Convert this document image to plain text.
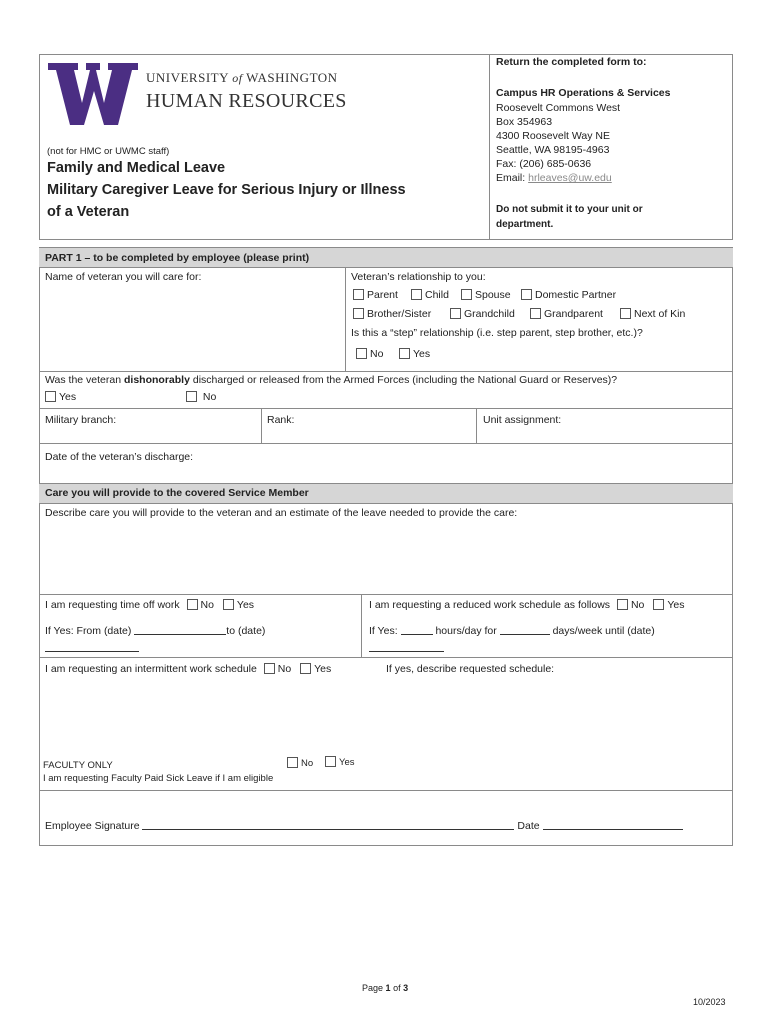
UNIVERSITY of WASHINGTON
HUMAN RESOURCES
(not for HMC or UWMC staff)
Family and Medical Leave
Military Caregiver Leave for Serious Injury or Illness
of a Veteran
Return the completed form to:
Campus HR Operations & Services
Roosevelt Commons West
Box 354963
4300 Roosevelt Way NE
Seattle, WA 98195-4963
Fax: (206) 685-0636
Email: hrleaves@uw.edu
Do not submit it to your unit or
department.
PART 1 – to be completed by employee (please print)
Name of veteran you will care for:	Veteran’s relationship to you:
Parent	Child	Spouse	Domestic Partner
Brother/Sister	Grandchild	Grandparent	Next of Kin
Is this a “step” relationship (i.e. step parent, step brother, etc.)?
No	Yes
Was the veteran dishonorably discharged or released from the Armed Forces (including the National Guard or Reserves)?
Yes	No
Military branch:	Rank:	Unit assignment:
Date of the veteran’s discharge:
Care you will provide to the covered Service Member
Describe care you will provide to the veteran and an estimate of the leave needed to provide the care:
I am requesting time off work No Yes
If Yes: From (date)	to (date)
I am requesting a reduced work schedule as follows No Yes
If Yes:	hours/day for	days/week until (date)
I am requesting an intermittent work schedule No Yes	If yes, describe requested schedule:
FACULTY ONLY
I am requesting Faculty Paid Sick Leave if I am eligible
No	Yes
Employee Signature	Date
Page 1 of 3
10/2023
